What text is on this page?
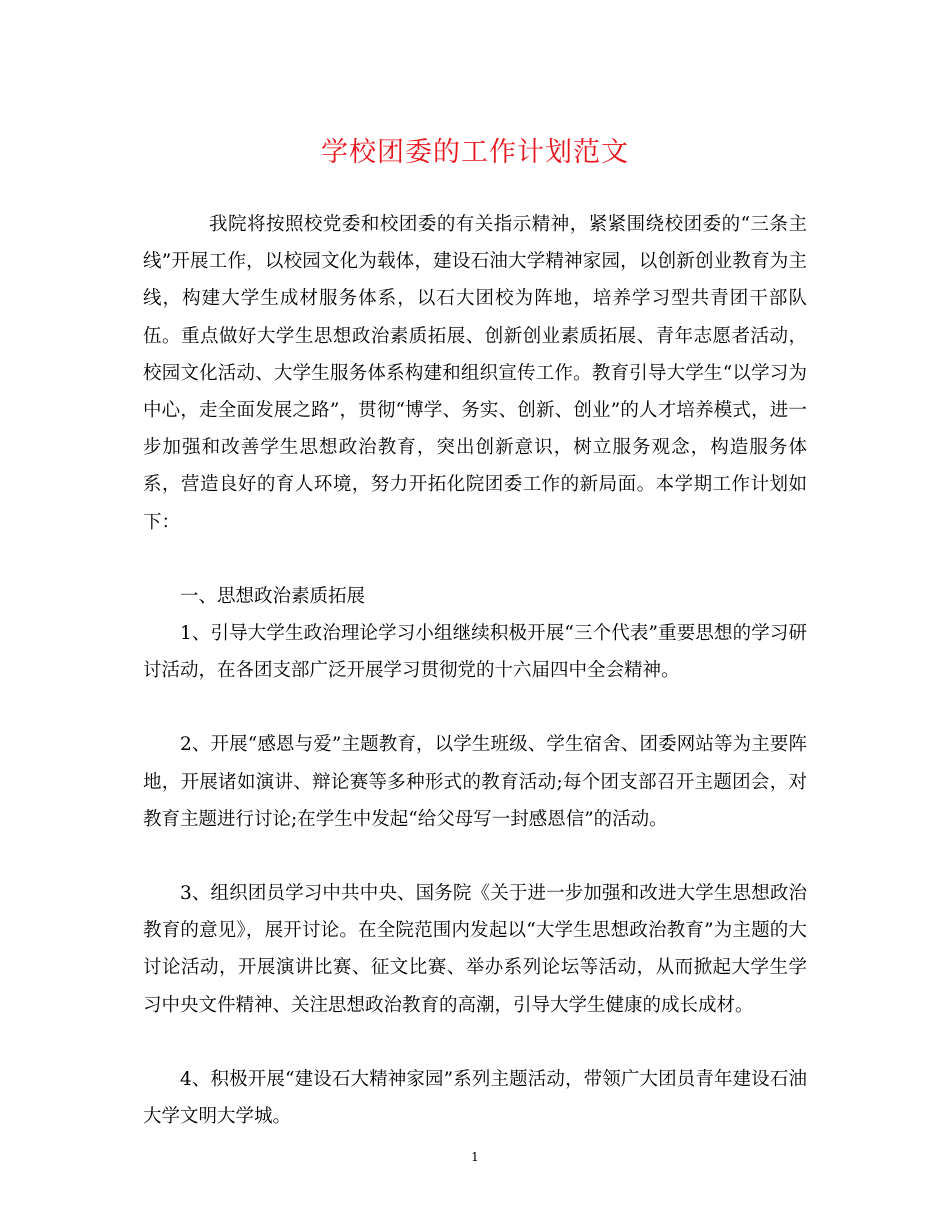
学校团委的工作计划范文

我院将按照校党委和校团委的有关指示精神，紧紧围绕校团委的“三条主线”开展工作，以校园文化为载体，建设石油大学精神家园，以创新创业教育为主线，构建大学生成材服务体系，以石大团校为阵地，培养学习型共青团干部队伍。重点做好大学生思想政治素质拓展、创新创业素质拓展、青年志愿者活动，校园文化活动、大学生服务体系构建和组织宣传工作。教育引导大学生“以学习为中心，走全面发展之路”，贯彻“博学、务实、创新、创业”的人才培养模式，进一步加强和改善学生思想政治教育，突出创新意识，树立服务观念，构造服务体系，营造良好的育人环境，努力开拓化院团委工作的新局面。本学期工作计划如下：

一、思想政治素质拓展

1、引导大学生政治理论学习小组继续积极开展“三个代表”重要思想的学习研讨活动，在各团支部广泛开展学习贯彻党的十六届四中全会精神。

2、开展“感恩与爱”主题教育，以学生班级、学生宿舍、团委网站等为主要阵地，开展诸如演讲、辩论赛等多种形式的教育活动;每个团支部召开主题团会，对教育主题进行讨论;在学生中发起“给父母写一封感恩信”的活动。

3、组织团员学习中共中央、国务院《关于进一步加强和改进大学生思想政治教育的意见》，展开讨论。在全院范围内发起以“大学生思想政治教育”为主题的大讨论活动，开展演讲比赛、征文比赛、举办系列论坛等活动，从而掀起大学生学习中央文件精神、关注思想政治教育的高潮，引导大学生健康的成长成材。

4、积极开展“建设石大精神家园”系列主题活动，带领广大团员青年建设石油大学文明大学城。

1
